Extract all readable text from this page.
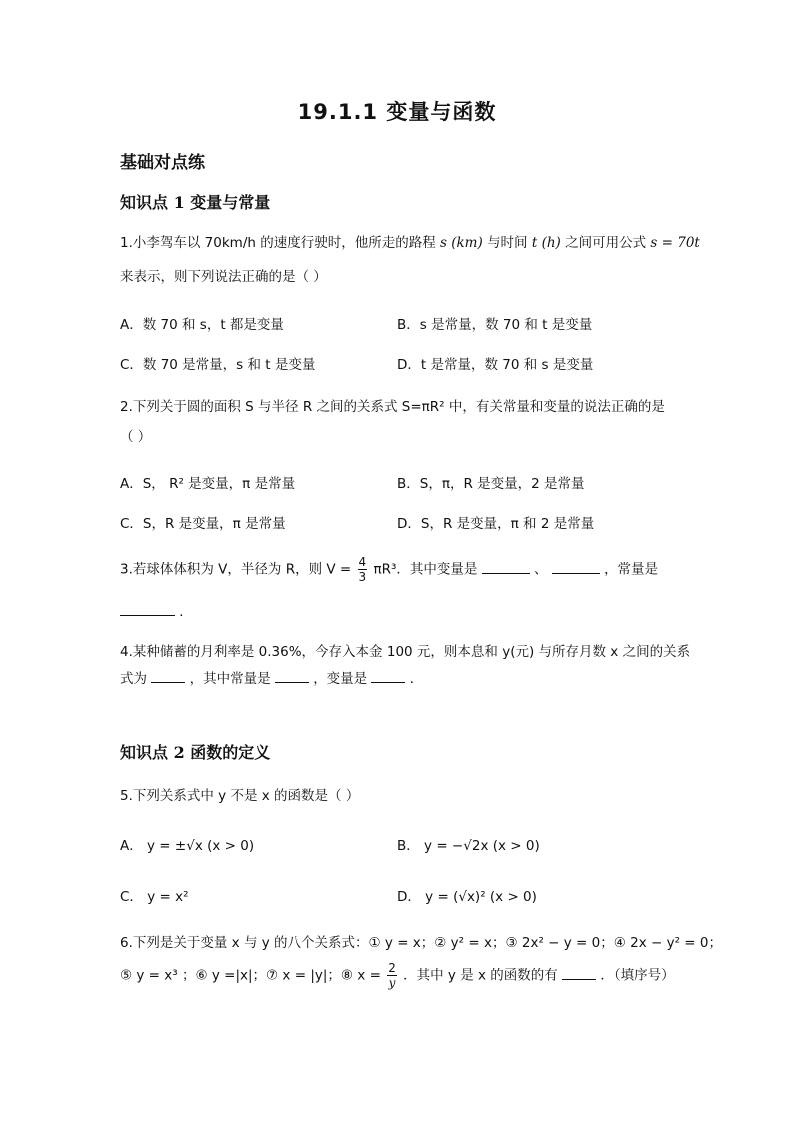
19.1.1 变量与函数
基础对点练
知识点 1 变量与常量
1.小李驾车以 70km/h 的速度行驶时，他所走的路程 s (km) 与时间 t (h) 之间可用公式 s = 70t
来表示，则下列说法正确的是（ ）
A．数 70 和 s，t 都是变量	B．s 是常量，数 70 和 t 是变量
C．数 70 是常量，s 和 t 是变量	D．t 是常量，数 70 和 s 是变量
2.下列关于圆的面积 S 与半径 R 之间的关系式 S=πR² 中，有关常量和变量的说法正确的是
（ ）
A．S， R² 是变量，π 是常量	B．S，π，R 是变量，2 是常量
C．S，R 是变量，π 是常量	D．S，R 是变量，π 和 2 是常量
3.若球体体积为 V，半径为 R，则 $V = \frac{4}{3} \pi R^3$．其中变量是	、	，常量是
．
4.某种储蓄的月利率是 0.36%，今存入本金 100 元，则本息和 y(元) 与所存月数 x 之间的关系
式为	，其中常量是	，变量是	．
知识点 2 函数的定义
5.下列关系式中 y 不是 x 的函数是（ ）
A． y = ±√x (x > 0)	B． y = −√2x (x > 0)
C． y = x²	D． y = (√x)² (x > 0)
6.下列是关于变量 x 与 y 的八个关系式：① y = x；② y² = x；③ 2x² − y = 0；④ 2x − y² = 0；
⑤ y = x³ ；⑥ y =|x|；⑦ x = |y|；⑧ $x = \frac{2}{y}$ ．其中 y 是 x 的函数的有	．（填序号）
